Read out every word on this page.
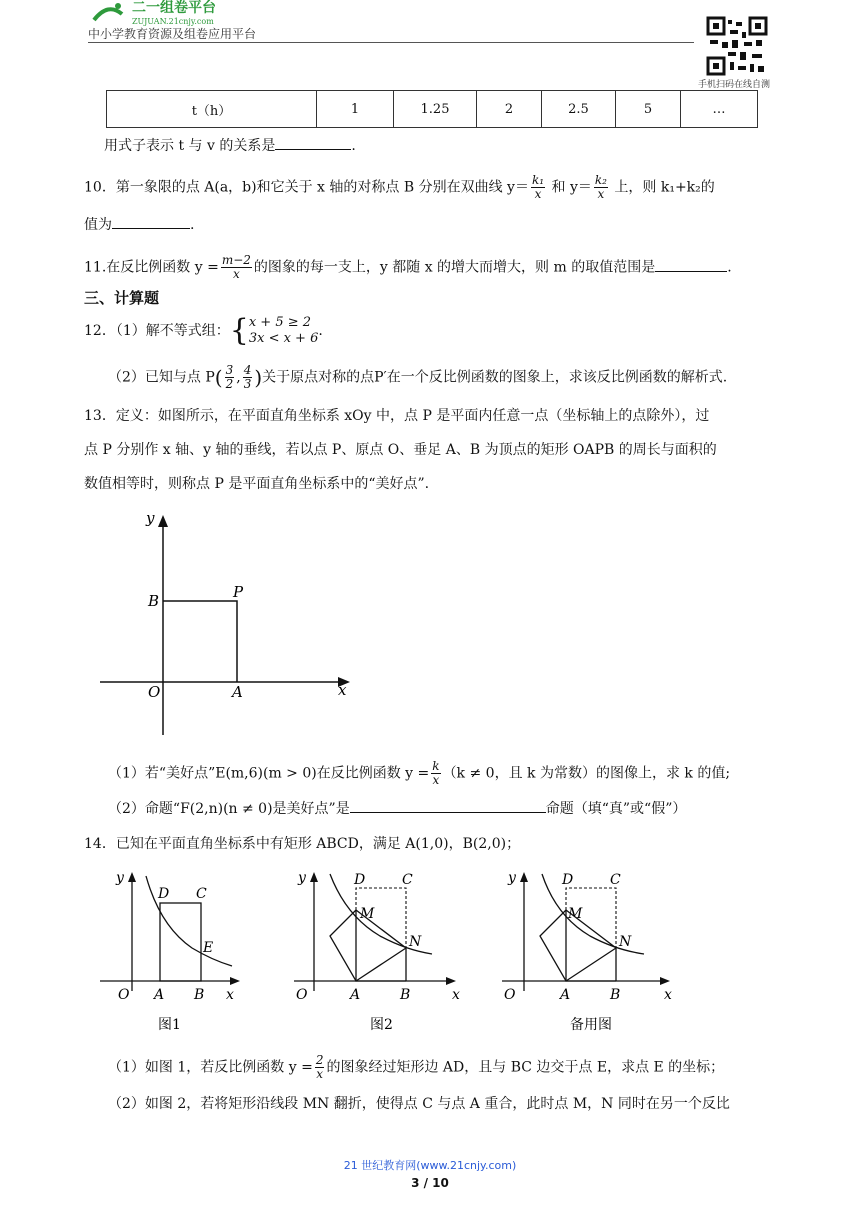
二一组卷平台
ZUJUAN.21cnjy.com
中小学教育资源及组卷应用平台
手机扫码在线自测
t（h）	1	1.25	2	2.5	5	…
用式子表示 t 与 v 的关系是	.
10．第一象限的点 A(a，b)和它关于 x 轴的对称点 B 分别在双曲线 $y= \frac{\text{k₁}}{x}$ 和 $y= \frac{\text{k₂}}{x}$ 上，则 k₁+k₂的
值为	.
11.在反比例函数 $y = \frac{m-2}{x}$ 的图象的每一支上，y 都随 x 的增大而增大，则 m 的取值范围是	.
三、计算题
12．（1）解不等式组：{ x + 5 ≥ 2
3x < x + 6 .
（2）已知与点 $P( \frac{3}{2}$ , $\frac{4}{3}$ )关于原点对称的点P′在一个反比例函数的图象上，求该反比例函数的解析式.
13．定义：如图所示，在平面直角坐标系 xOy 中，点 P 是平面内任意一点（坐标轴上的点除外），过
点 P 分别作 x 轴、y 轴的垂线，若以点 P、原点 O、垂足 A、B 为顶点的矩形 OAPB 的周长与面积的
数值相等时，则称点 P 是平面直角坐标系中的“美好点”.
y
x
O	A
B	P
（1）若“美好点”E(m,6)(m > 0)在反比例函数 $y = \frac{k}{x} (k \ne 0$，且 k 为常数）的图像上，求 k 的值;
（2）命题“F(2,n)(n ≠ 0)是美好点”是	命题（填“真”或“假”）
14．已知在平面直角坐标系中有矩形 ABCD，满足 A(1,0)，B(2,0)；
y
x
O A B
D C
E
图1
y
x
O	A	B
D	C
M
N
图2
y
x
O	A	B
D	C
M
N
备用图
（1）如图 1，若反比例函数 $y = \frac{2}{x}$ 的图象经过矩形边 AD，且与 BC 边交于点 E，求点 E 的坐标；
（2）如图 2，若将矩形沿线段 MN 翻折，使得点 C 与点 A 重合，此时点 M，N 同时在另一个反比
21 世纪教育网(www.21cnjy.com)
3 / 10
